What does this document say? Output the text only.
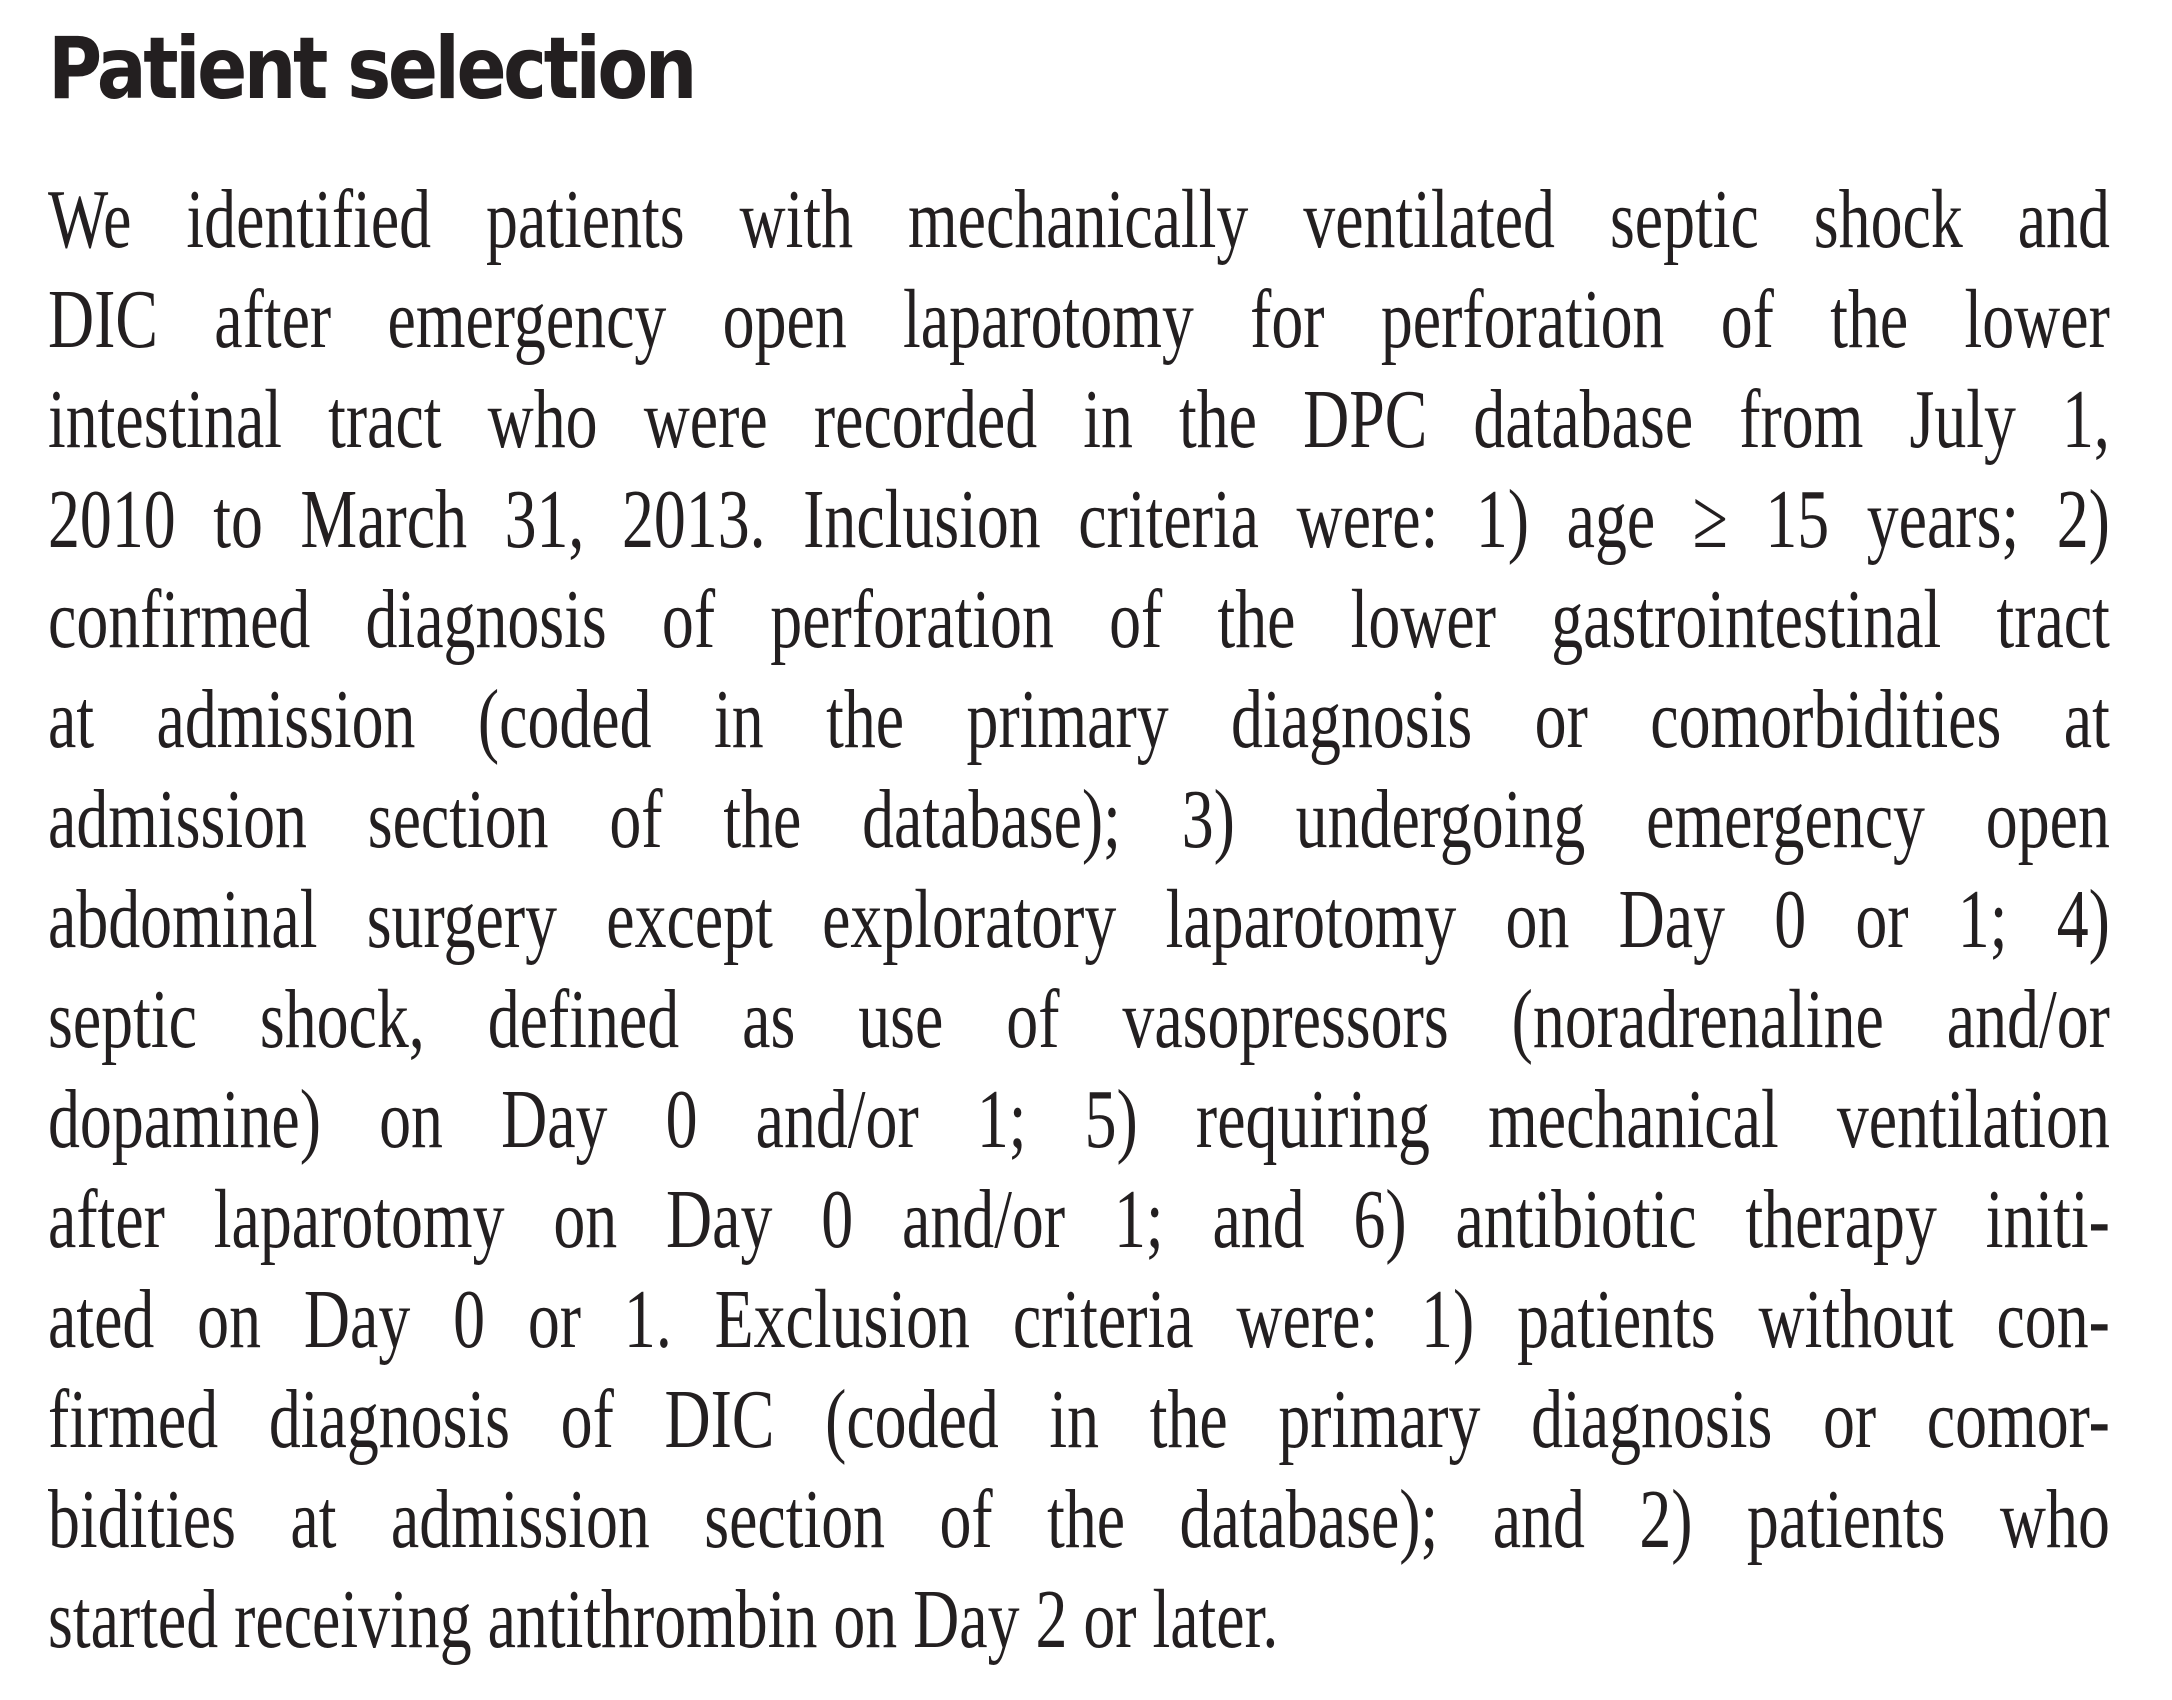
Patient selection
We identified patients with mechanically ventilated septic shock and
DIC after emergency open laparotomy for perforation of the lower
intestinal tract who were recorded in the DPC database from July 1,
2010 to March 31, 2013. Inclusion criteria were: 1) age ≥ 15 years; 2)
confirmed diagnosis of perforation of the lower gastrointestinal tract
at admission (coded in the primary diagnosis or comorbidities at
admission section of the database); 3) undergoing emergency open
abdominal surgery except exploratory laparotomy on Day 0 or 1; 4)
septic shock, defined as use of vasopressors (noradrenaline and/or
dopamine) on Day 0 and/or 1; 5) requiring mechanical ventilation
after laparotomy on Day 0 and/or 1; and 6) antibiotic therapy initi-
ated on Day 0 or 1. Exclusion criteria were: 1) patients without con-
firmed diagnosis of DIC (coded in the primary diagnosis or comor-
bidities at admission section of the database); and 2) patients who
started receiving antithrombin on Day 2 or later.
